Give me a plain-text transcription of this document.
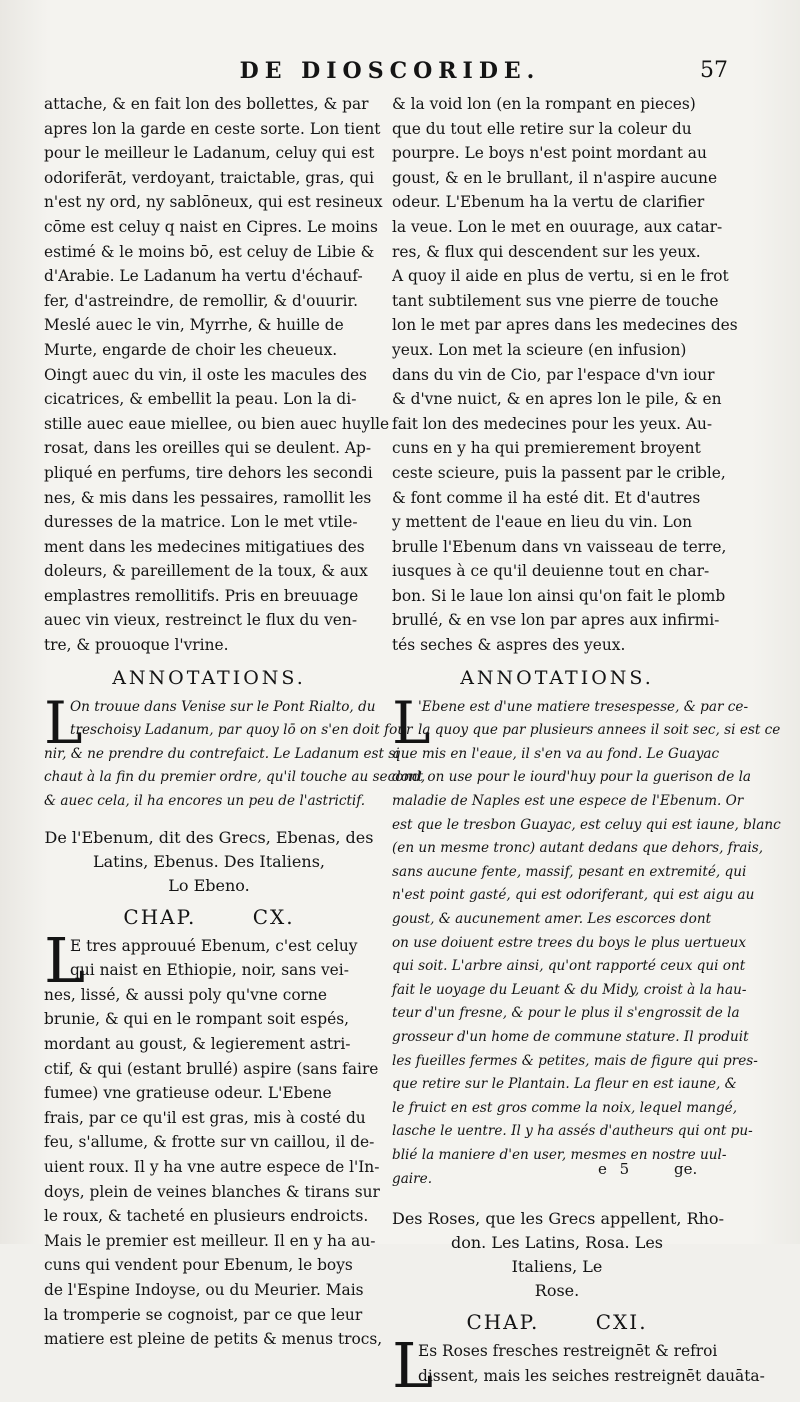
DE DIOSCORIDE.	57
attache, & en fait lon des bollettes, & par
apres lon la garde en ceste sorte. Lon tient
pour le meilleur le Ladanum, celuy qui est
odoriferāt, verdoyant, traictable, gras, qui
n'est ny ord, ny sablōneux, qui est resineux
cōme est celuy q naist en Cipres. Le moins
estimé & le moins bō, est celuy de Libie &
d'Arabie. Le Ladanum ha vertu d'échauf-
fer, d'astreindre, de remollir, & d'ouurir.
Meslé auec le vin, Myrrhe, & huille de
Murte, engarde de choir les cheueux.
Oingt auec du vin, il oste les macules des
cicatrices, & embellit la peau. Lon la di-
stille auec eaue miellee, ou bien auec huylle
rosat, dans les oreilles qui se deulent. Ap-
pliqué en perfums, tire dehors les secondi
nes, & mis dans les pessaires, ramollit les
duresses de la matrice. Lon le met vtile-
ment dans les medecines mitigatiues des
doleurs, & pareillement de la toux, & aux
emplastres remollitifs. Pris en breuuage
auec vin vieux, restreinct le flux du ven-
tre, & prouoque l'vrine.
ANNOTATIONS.
L
On trouue dans Venise sur le Pont Rialto, du
treschoisy Ladanum, par quoy lō on s'en doit four
nir, & ne prendre du contrefaict. Le Ladanum est si
chaut à la fin du premier ordre, qu'il touche au second,
& auec cela, il ha encores un peu de l'astrictif.
De l'Ebenum, dit des Grecs, Ebenas, des
Latins, Ebenus. Des Italiens,
Lo Ebeno.
CHAP.	CX.
L
E tres approuué Ebenum, c'est celuy
qui naist en Ethiopie, noir, sans vei-
nes, lissé, & aussi poly qu'vne corne
brunie, & qui en le rompant soit espés,
mordant au goust, & legierement astri-
ctif, & qui (estant brullé) aspire (sans faire
fumee) vne gratieuse odeur. L'Ebene
frais, par ce qu'il est gras, mis à costé du
feu, s'allume, & frotte sur vn caillou, il de-
uient roux. Il y ha vne autre espece de l'In-
doys, plein de veines blanches & tirans sur
le roux, & tacheté en plusieurs endroicts.
Mais le premier est meilleur. Il en y ha au-
cuns qui vendent pour Ebenum, le boys
de l'Espine Indoyse, ou du Meurier. Mais
la tromperie se cognoist, par ce que leur
matiere est pleine de petits & menus trocs,
& la void lon (en la rompant en pieces)
que du tout elle retire sur la coleur du
pourpre. Le boys n'est point mordant au
goust, & en le brullant, il n'aspire aucune
odeur. L'Ebenum ha la vertu de clarifier
la veue. Lon le met en ouurage, aux catar-
res, & flux qui descendent sur les yeux.
A quoy il aide en plus de vertu, si en le frot
tant subtilement sus vne pierre de touche
lon le met par apres dans les medecines des
yeux. Lon met la scieure (en infusion)
dans du vin de Cio, par l'espace d'vn iour
& d'vne nuict, & en apres lon le pile, & en
fait lon des medecines pour les yeux. Au-
cuns en y ha qui premierement broyent
ceste scieure, puis la passent par le crible,
& font comme il ha esté dit. Et d'autres
y mettent de l'eaue en lieu du vin. Lon
brulle l'Ebenum dans vn vaisseau de terre,
iusques à ce qu'il deuienne tout en char-
bon. Si le laue lon ainsi qu'on fait le plomb
brullé, & en vse lon par apres aux infirmi-
tés seches & aspres des yeux.
ANNOTATIONS.
L
'Ebene est d'une matiere tresespesse, & par ce-
la quoy que par plusieurs annees il soit sec, si est ce
que mis en l'eaue, il s'en va au fond. Le Guayac
dont on use pour le iourd'huy pour la guerison de la
maladie de Naples est une espece de l'Ebenum. Or
est que le tresbon Guayac, est celuy qui est iaune, blanc
(en un mesme tronc) autant dedans que dehors, frais,
sans aucune fente, massif, pesant en extremité, qui
n'est point gasté, qui est odoriferant, qui est aigu au
goust, & aucunement amer. Les escorces dont
on use doiuent estre trees du boys le plus uertueux
qui soit. L'arbre ainsi, qu'ont rapporté ceux qui ont
fait le uoyage du Leuant & du Midy, croist à la hau-
teur d'un fresne, & pour le plus il s'engrossit de la
grosseur d'un home de commune stature. Il produit
les fueilles fermes & petites, mais de figure qui pres-
que retire sur le Plantain. La fleur en est iaune, &
le fruict en est gros comme la noix, lequel mangé,
lasche le uentre. Il y ha assés d'autheurs qui ont pu-
blié la maniere d'en user, mesmes en nostre uul-
gaire.
Des Roses, que les Grecs appellent, Rho-
don. Les Latins, Rosa. Les
Italiens, Le
Rose.
CHAP.	CXI.
L
Es Roses fresches restreignēt & refroi
dissent, mais les seiches restreignēt dauāta-
e 5	ge.
